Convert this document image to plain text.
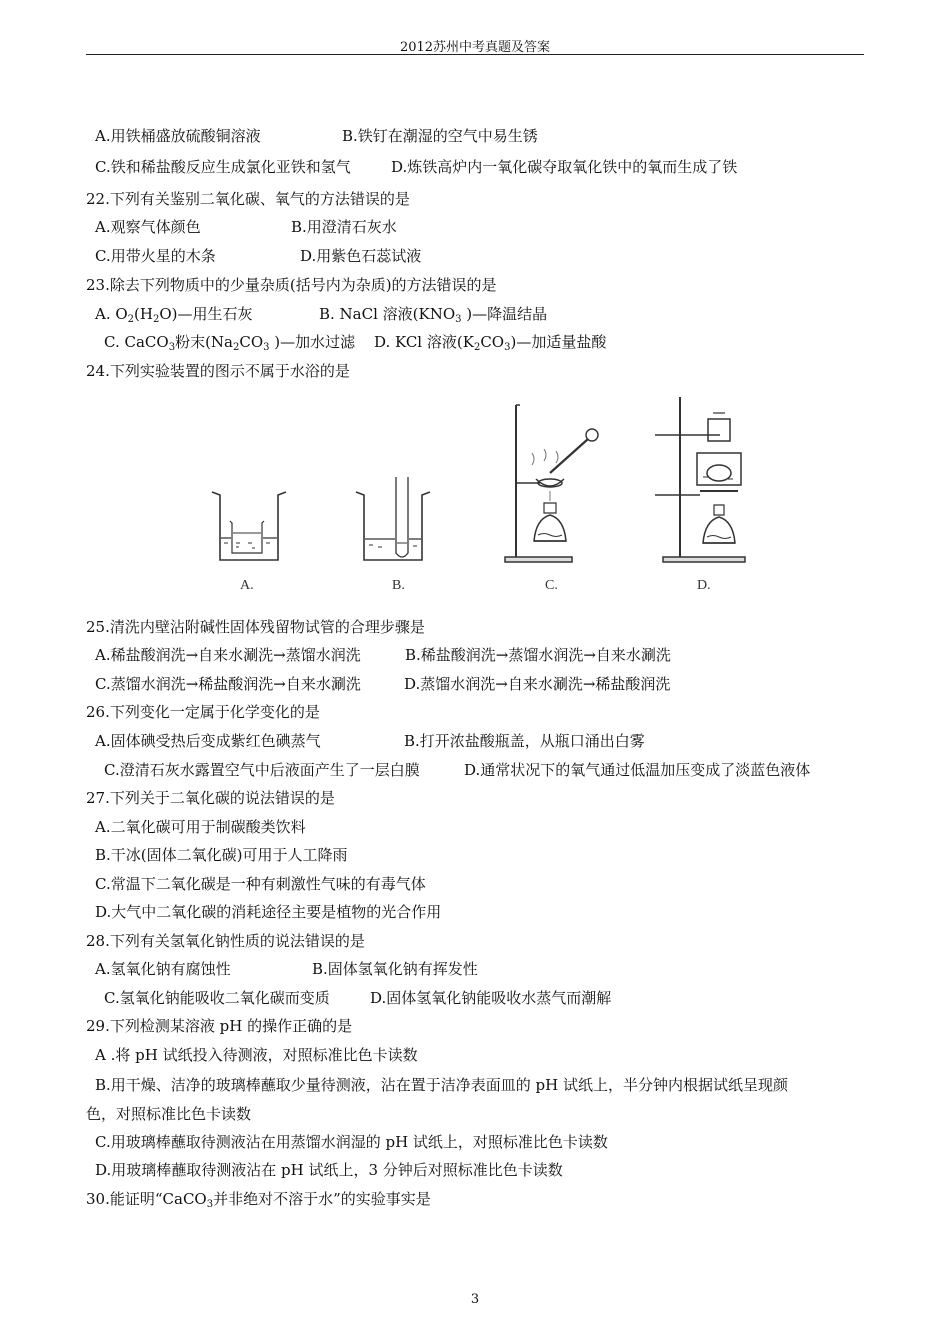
2012苏州中考真题及答案
A.用铁桶盛放硫酸铜溶液	B.铁钉在潮湿的空气中易生锈
C.铁和稀盐酸反应生成氯化亚铁和氢气	D.炼铁高炉内一氧化碳夺取氧化铁中的氧而生成了铁
22.下列有关鉴别二氧化碳、氧气的方法错误的是
A.观察气体颜色	B.用澄清石灰水
C.用带火星的木条	D.用紫色石蕊试液
23.除去下列物质中的少量杂质(括号内为杂质)的方法错误的是
A. $O_2(H_2O)—$用生石灰	B. NaCl 溶液($KNO_3$ )—降温结晶
C. CaCO$_3$粉末($Na_2CO_3$ )—加水过滤 D. KCl 溶液$(K_2CO_3)—$加适量盐酸
24.下列实验装置的图示不属于水浴的是
A.	B.	C.	D.
25.清洗内壁沾附碱性固体残留物试管的合理步骤是
A.稀盐酸润洗→自来水涮洗→蒸馏水润洗	B.稀盐酸润洗→蒸馏水润洗→自来水涮洗
C.蒸馏水润洗→稀盐酸润洗→自来水涮洗	D.蒸馏水润洗→自来水涮洗→稀盐酸润洗
26.下列变化一定属于化学变化的是
A.固体碘受热后变成紫红色碘蒸气	B.打开浓盐酸瓶盖，从瓶口涌出白雾
C.澄清石灰水露置空气中后液面产生了一层白膜	D.通常状况下的氧气通过低温加压变成了淡蓝色液体
27.下列关于二氧化碳的说法错误的是
A.二氧化碳可用于制碳酸类饮料
B.干冰(固体二氧化碳)可用于人工降雨
C.常温下二氧化碳是一种有刺激性气味的有毒气体
D.大气中二氧化碳的消耗途径主要是植物的光合作用
28.下列有关氢氧化钠性质的说法错误的是
A.氢氧化钠有腐蚀性	B.固体氢氧化钠有挥发性
C.氢氧化钠能吸收二氧化碳而变质	D.固体氢氧化钠能吸收水蒸气而潮解
29.下列检测某溶液 pH 的操作正确的是
A .将 pH 试纸投入待测液，对照标准比色卡读数
B.用干燥、洁净的玻璃棒蘸取少量待测液，沾在置于洁净表面皿的 pH 试纸上，半分钟内根据试纸呈现颜
色，对照标准比色卡读数
C.用玻璃棒蘸取待测液沾在用蒸馏水润湿的 pH 试纸上，对照标准比色卡读数
D.用玻璃棒蘸取待测液沾在 pH 试纸上，3 分钟后对照标准比色卡读数
30.能证明“CaCO$_3$并非绝对不溶于水”的实验事实是
3
